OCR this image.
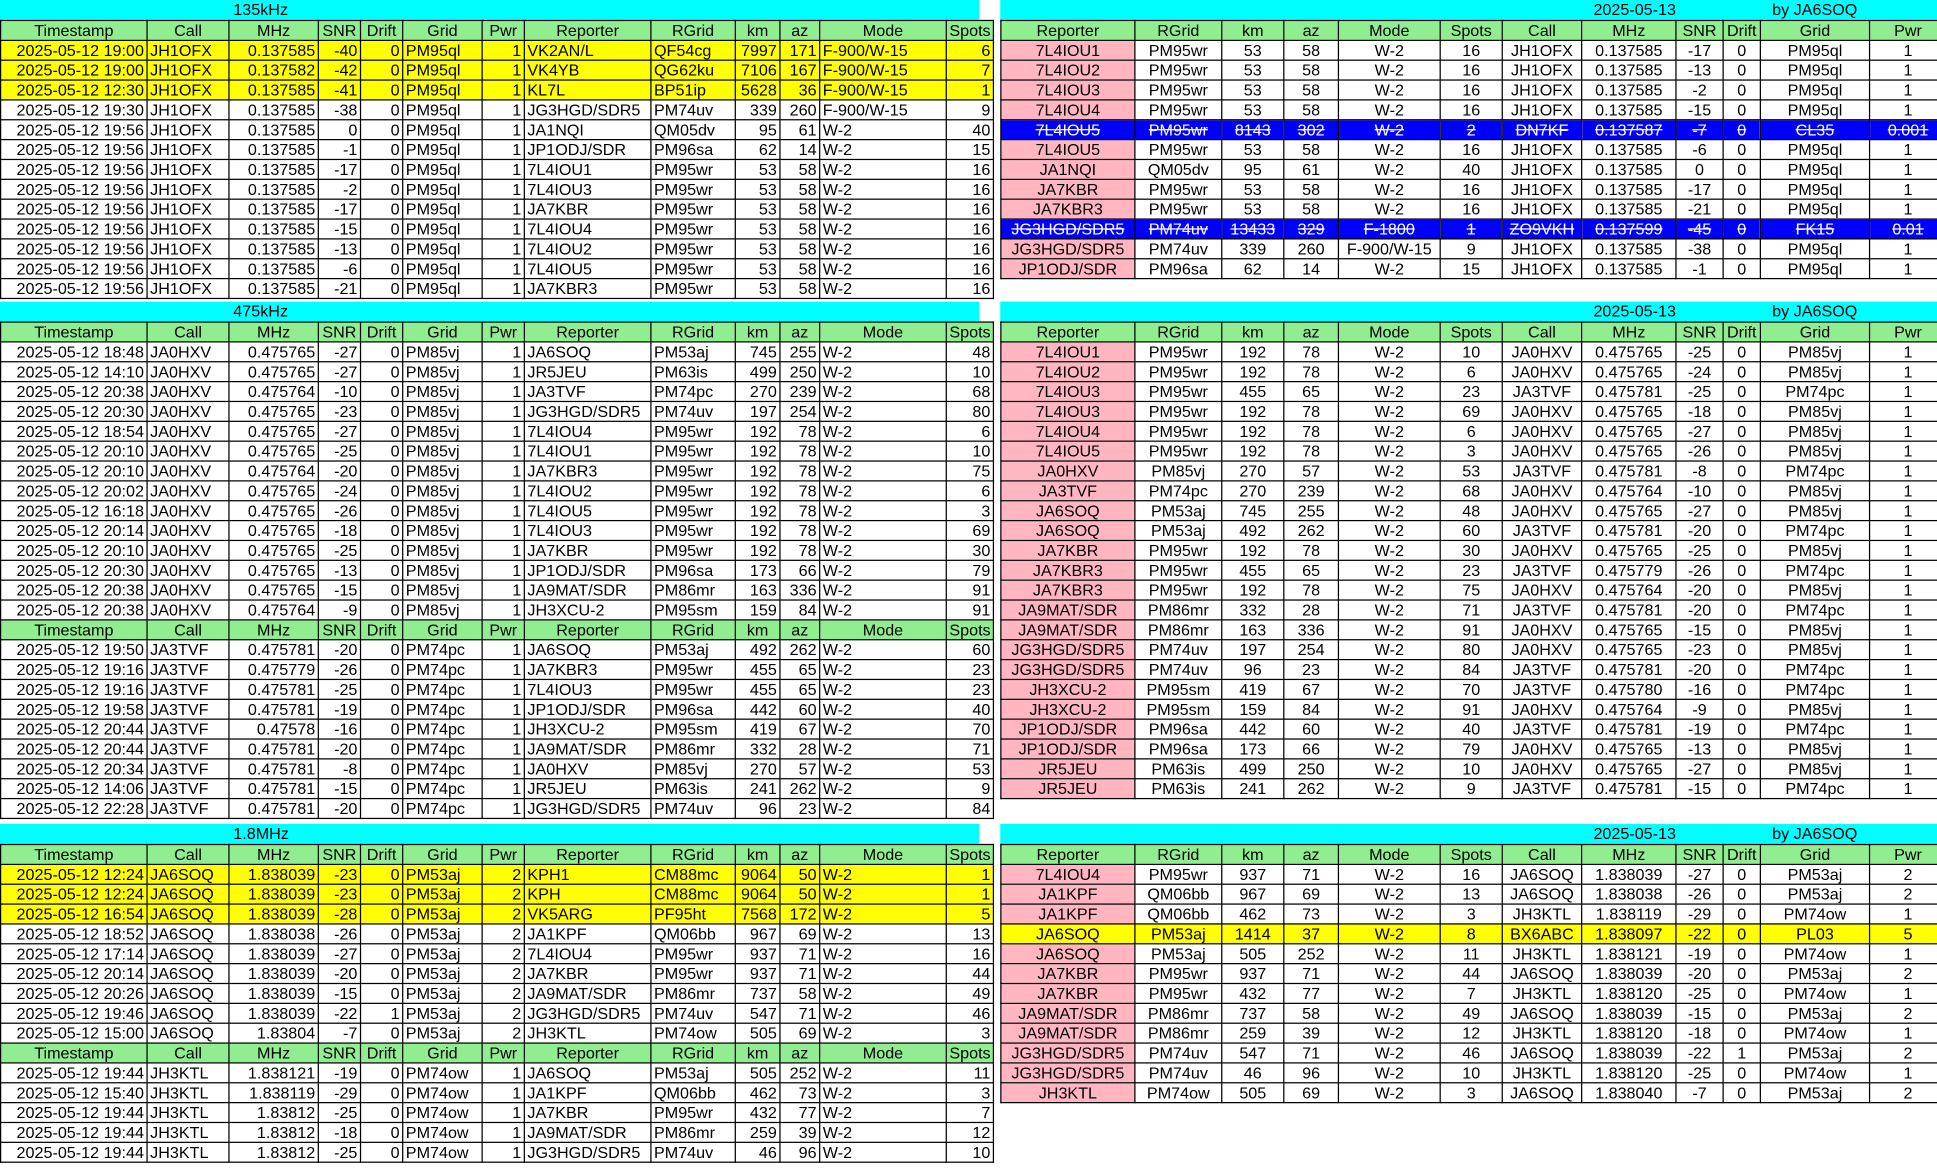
135kHz	2025-05-13	by JA6SOQ
Timestamp	Call	MHz	SNR	Drift	Grid	Pwr	Reporter	RGrid	km	az	Mode	Spots
2025-05-12 19:00	JH1OFX	0.137585	-40	0	PM95ql	1	VK2AN/L	QF54cg	7997	171	F-900/W-15	6
2025-05-12 19:00	JH1OFX	0.137582	-42	0	PM95ql	1	VK4YB	QG62ku	7106	167	F-900/W-15	7
2025-05-12 12:30	JH1OFX	0.137585	-41	0	PM95ql	1	KL7L	BP51ip	5628	36	F-900/W-15	1
2025-05-12 19:30	JH1OFX	0.137585	-38	0	PM95ql	1	JG3HGD/SDR5	PM74uv	339	260	F-900/W-15	9
2025-05-12 19:56	JH1OFX	0.137585	0	0	PM95ql	1	JA1NQI	QM05dv	95	61	W-2	40
2025-05-12 19:56	JH1OFX	0.137585	-1	0	PM95ql	1	JP1ODJ/SDR	PM96sa	62	14	W-2	15
2025-05-12 19:56	JH1OFX	0.137585	-17	0	PM95ql	1	7L4IOU1	PM95wr	53	58	W-2	16
2025-05-12 19:56	JH1OFX	0.137585	-2	0	PM95ql	1	7L4IOU3	PM95wr	53	58	W-2	16
2025-05-12 19:56	JH1OFX	0.137585	-17	0	PM95ql	1	JA7KBR	PM95wr	53	58	W-2	16
2025-05-12 19:56	JH1OFX	0.137585	-15	0	PM95ql	1	7L4IOU4	PM95wr	53	58	W-2	16
2025-05-12 19:56	JH1OFX	0.137585	-13	0	PM95ql	1	7L4IOU2	PM95wr	53	58	W-2	16
2025-05-12 19:56	JH1OFX	0.137585	-6	0	PM95ql	1	7L4IOU5	PM95wr	53	58	W-2	16
2025-05-12 19:56	JH1OFX	0.137585	-21	0	PM95ql	1	JA7KBR3	PM95wr	53	58	W-2	16
Reporter	RGrid	km	az	Mode	Spots	Call	MHz	SNR	Drift	Grid	Pwr
7L4IOU1	PM95wr	53	58	W-2	16	JH1OFX	0.137585	-17	0	PM95ql	1
7L4IOU2	PM95wr	53	58	W-2	16	JH1OFX	0.137585	-13	0	PM95ql	1
7L4IOU3	PM95wr	53	58	W-2	16	JH1OFX	0.137585	-2	0	PM95ql	1
7L4IOU4	PM95wr	53	58	W-2	16	JH1OFX	0.137585	-15	0	PM95ql	1
7L4IOU5	PM95wr	8143	302	W-2	2	DN7KF	0.137587	-7	0	CL35	0.001
7L4IOU5	PM95wr	53	58	W-2	16	JH1OFX	0.137585	-6	0	PM95ql	1
JA1NQI	QM05dv	95	61	W-2	40	JH1OFX	0.137585	0	0	PM95ql	1
JA7KBR	PM95wr	53	58	W-2	16	JH1OFX	0.137585	-17	0	PM95ql	1
JA7KBR3	PM95wr	53	58	W-2	16	JH1OFX	0.137585	-21	0	PM95ql	1
JG3HGD/SDR5	PM74uv	13433	329	F-1800	1	ZO9VKH	0.137599	-45	0	FK15	0.01
JG3HGD/SDR5	PM74uv	339	260	F-900/W-15	9	JH1OFX	0.137585	-38	0	PM95ql	1
JP1ODJ/SDR	PM96sa	62	14	W-2	15	JH1OFX	0.137585	-1	0	PM95ql	1
475kHz	2025-05-13	by JA6SOQ
Timestamp	Call	MHz	SNR	Drift	Grid	Pwr	Reporter	RGrid	km	az	Mode	Spots
2025-05-12 18:48	JA0HXV	0.475765	-27	0	PM85vj	1	JA6SOQ	PM53aj	745	255	W-2	48
2025-05-12 14:10	JA0HXV	0.475765	-27	0	PM85vj	1	JR5JEU	PM63is	499	250	W-2	10
2025-05-12 20:38	JA0HXV	0.475764	-10	0	PM85vj	1	JA3TVF	PM74pc	270	239	W-2	68
2025-05-12 20:30	JA0HXV	0.475765	-23	0	PM85vj	1	JG3HGD/SDR5	PM74uv	197	254	W-2	80
2025-05-12 18:54	JA0HXV	0.475765	-27	0	PM85vj	1	7L4IOU4	PM95wr	192	78	W-2	6
2025-05-12 20:10	JA0HXV	0.475765	-25	0	PM85vj	1	7L4IOU1	PM95wr	192	78	W-2	10
2025-05-12 20:10	JA0HXV	0.475764	-20	0	PM85vj	1	JA7KBR3	PM95wr	192	78	W-2	75
2025-05-12 20:02	JA0HXV	0.475765	-24	0	PM85vj	1	7L4IOU2	PM95wr	192	78	W-2	6
2025-05-12 16:18	JA0HXV	0.475765	-26	0	PM85vj	1	7L4IOU5	PM95wr	192	78	W-2	3
2025-05-12 20:14	JA0HXV	0.475765	-18	0	PM85vj	1	7L4IOU3	PM95wr	192	78	W-2	69
2025-05-12 20:10	JA0HXV	0.475765	-25	0	PM85vj	1	JA7KBR	PM95wr	192	78	W-2	30
2025-05-12 20:30	JA0HXV	0.475765	-13	0	PM85vj	1	JP1ODJ/SDR	PM96sa	173	66	W-2	79
2025-05-12 20:38	JA0HXV	0.475765	-15	0	PM85vj	1	JA9MAT/SDR	PM86mr	163	336	W-2	91
2025-05-12 20:38	JA0HXV	0.475764	-9	0	PM85vj	1	JH3XCU-2	PM95sm	159	84	W-2	91
Timestamp	Call	MHz	SNR	Drift	Grid	Pwr	Reporter	RGrid	km	az	Mode	Spots
2025-05-12 19:50	JA3TVF	0.475781	-20	0	PM74pc	1	JA6SOQ	PM53aj	492	262	W-2	60
2025-05-12 19:16	JA3TVF	0.475779	-26	0	PM74pc	1	JA7KBR3	PM95wr	455	65	W-2	23
2025-05-12 19:16	JA3TVF	0.475781	-25	0	PM74pc	1	7L4IOU3	PM95wr	455	65	W-2	23
2025-05-12 19:58	JA3TVF	0.475781	-19	0	PM74pc	1	JP1ODJ/SDR	PM96sa	442	60	W-2	40
2025-05-12 20:44	JA3TVF	0.47578	-16	0	PM74pc	1	JH3XCU-2	PM95sm	419	67	W-2	70
2025-05-12 20:44	JA3TVF	0.475781	-20	0	PM74pc	1	JA9MAT/SDR	PM86mr	332	28	W-2	71
2025-05-12 20:34	JA3TVF	0.475781	-8	0	PM74pc	1	JA0HXV	PM85vj	270	57	W-2	53
2025-05-12 14:06	JA3TVF	0.475781	-15	0	PM74pc	1	JR5JEU	PM63is	241	262	W-2	9
2025-05-12 22:28	JA3TVF	0.475781	-20	0	PM74pc	1	JG3HGD/SDR5	PM74uv	96	23	W-2	84
Reporter	RGrid	km	az	Mode	Spots	Call	MHz	SNR	Drift	Grid	Pwr
7L4IOU1	PM95wr	192	78	W-2	10	JA0HXV	0.475765	-25	0	PM85vj	1
7L4IOU2	PM95wr	192	78	W-2	6	JA0HXV	0.475765	-24	0	PM85vj	1
7L4IOU3	PM95wr	455	65	W-2	23	JA3TVF	0.475781	-25	0	PM74pc	1
7L4IOU3	PM95wr	192	78	W-2	69	JA0HXV	0.475765	-18	0	PM85vj	1
7L4IOU4	PM95wr	192	78	W-2	6	JA0HXV	0.475765	-27	0	PM85vj	1
7L4IOU5	PM95wr	192	78	W-2	3	JA0HXV	0.475765	-26	0	PM85vj	1
JA0HXV	PM85vj	270	57	W-2	53	JA3TVF	0.475781	-8	0	PM74pc	1
JA3TVF	PM74pc	270	239	W-2	68	JA0HXV	0.475764	-10	0	PM85vj	1
JA6SOQ	PM53aj	745	255	W-2	48	JA0HXV	0.475765	-27	0	PM85vj	1
JA6SOQ	PM53aj	492	262	W-2	60	JA3TVF	0.475781	-20	0	PM74pc	1
JA7KBR	PM95wr	192	78	W-2	30	JA0HXV	0.475765	-25	0	PM85vj	1
JA7KBR3	PM95wr	455	65	W-2	23	JA3TVF	0.475779	-26	0	PM74pc	1
JA7KBR3	PM95wr	192	78	W-2	75	JA0HXV	0.475764	-20	0	PM85vj	1
JA9MAT/SDR	PM86mr	332	28	W-2	71	JA3TVF	0.475781	-20	0	PM74pc	1
JA9MAT/SDR	PM86mr	163	336	W-2	91	JA0HXV	0.475765	-15	0	PM85vj	1
JG3HGD/SDR5	PM74uv	197	254	W-2	80	JA0HXV	0.475765	-23	0	PM85vj	1
JG3HGD/SDR5	PM74uv	96	23	W-2	84	JA3TVF	0.475781	-20	0	PM74pc	1
JH3XCU-2	PM95sm	419	67	W-2	70	JA3TVF	0.475780	-16	0	PM74pc	1
JH3XCU-2	PM95sm	159	84	W-2	91	JA0HXV	0.475764	-9	0	PM85vj	1
JP1ODJ/SDR	PM96sa	442	60	W-2	40	JA3TVF	0.475781	-19	0	PM74pc	1
JP1ODJ/SDR	PM96sa	173	66	W-2	79	JA0HXV	0.475765	-13	0	PM85vj	1
JR5JEU	PM63is	499	250	W-2	10	JA0HXV	0.475765	-27	0	PM85vj	1
JR5JEU	PM63is	241	262	W-2	9	JA3TVF	0.475781	-15	0	PM74pc	1
1.8MHz	2025-05-13	by JA6SOQ
Timestamp	Call	MHz	SNR	Drift	Grid	Pwr	Reporter	RGrid	km	az	Mode	Spots
2025-05-12 12:24	JA6SOQ	1.838039	-23	0	PM53aj	2	KPH1	CM88mc	9064	50	W-2	1
2025-05-12 12:24	JA6SOQ	1.838039	-23	0	PM53aj	2	KPH	CM88mc	9064	50	W-2	1
2025-05-12 16:54	JA6SOQ	1.838039	-28	0	PM53aj	2	VK5ARG	PF95ht	7568	172	W-2	5
2025-05-12 18:52	JA6SOQ	1.838038	-26	0	PM53aj	2	JA1KPF	QM06bb	967	69	W-2	13
2025-05-12 17:14	JA6SOQ	1.838039	-27	0	PM53aj	2	7L4IOU4	PM95wr	937	71	W-2	16
2025-05-12 20:14	JA6SOQ	1.838039	-20	0	PM53aj	2	JA7KBR	PM95wr	937	71	W-2	44
2025-05-12 20:26	JA6SOQ	1.838039	-15	0	PM53aj	2	JA9MAT/SDR	PM86mr	737	58	W-2	49
2025-05-12 19:46	JA6SOQ	1.838039	-22	1	PM53aj	2	JG3HGD/SDR5	PM74uv	547	71	W-2	46
2025-05-12 15:00	JA6SOQ	1.83804	-7	0	PM53aj	2	JH3KTL	PM74ow	505	69	W-2	3
Timestamp	Call	MHz	SNR	Drift	Grid	Pwr	Reporter	RGrid	km	az	Mode	Spots
2025-05-12 19:44	JH3KTL	1.838121	-19	0	PM74ow	1	JA6SOQ	PM53aj	505	252	W-2	11
2025-05-12 15:40	JH3KTL	1.838119	-29	0	PM74ow	1	JA1KPF	QM06bb	462	73	W-2	3
2025-05-12 19:44	JH3KTL	1.83812	-25	0	PM74ow	1	JA7KBR	PM95wr	432	77	W-2	7
2025-05-12 19:44	JH3KTL	1.83812	-18	0	PM74ow	1	JA9MAT/SDR	PM86mr	259	39	W-2	12
2025-05-12 19:44	JH3KTL	1.83812	-25	0	PM74ow	1	JG3HGD/SDR5	PM74uv	46	96	W-2	10
Reporter	RGrid	km	az	Mode	Spots	Call	MHz	SNR	Drift	Grid	Pwr
7L4IOU4	PM95wr	937	71	W-2	16	JA6SOQ	1.838039	-27	0	PM53aj	2
JA1KPF	QM06bb	967	69	W-2	13	JA6SOQ	1.838038	-26	0	PM53aj	2
JA1KPF	QM06bb	462	73	W-2	3	JH3KTL	1.838119	-29	0	PM74ow	1
JA6SOQ	PM53aj	1414	37	W-2	8	BX6ABC	1.838097	-22	0	PL03	5
JA6SOQ	PM53aj	505	252	W-2	11	JH3KTL	1.838121	-19	0	PM74ow	1
JA7KBR	PM95wr	937	71	W-2	44	JA6SOQ	1.838039	-20	0	PM53aj	2
JA7KBR	PM95wr	432	77	W-2	7	JH3KTL	1.838120	-25	0	PM74ow	1
JA9MAT/SDR	PM86mr	737	58	W-2	49	JA6SOQ	1.838039	-15	0	PM53aj	2
JA9MAT/SDR	PM86mr	259	39	W-2	12	JH3KTL	1.838120	-18	0	PM74ow	1
JG3HGD/SDR5	PM74uv	547	71	W-2	46	JA6SOQ	1.838039	-22	1	PM53aj	2
JG3HGD/SDR5	PM74uv	46	96	W-2	10	JH3KTL	1.838120	-25	0	PM74ow	1
JH3KTL	PM74ow	505	69	W-2	3	JA6SOQ	1.838040	-7	0	PM53aj	2
